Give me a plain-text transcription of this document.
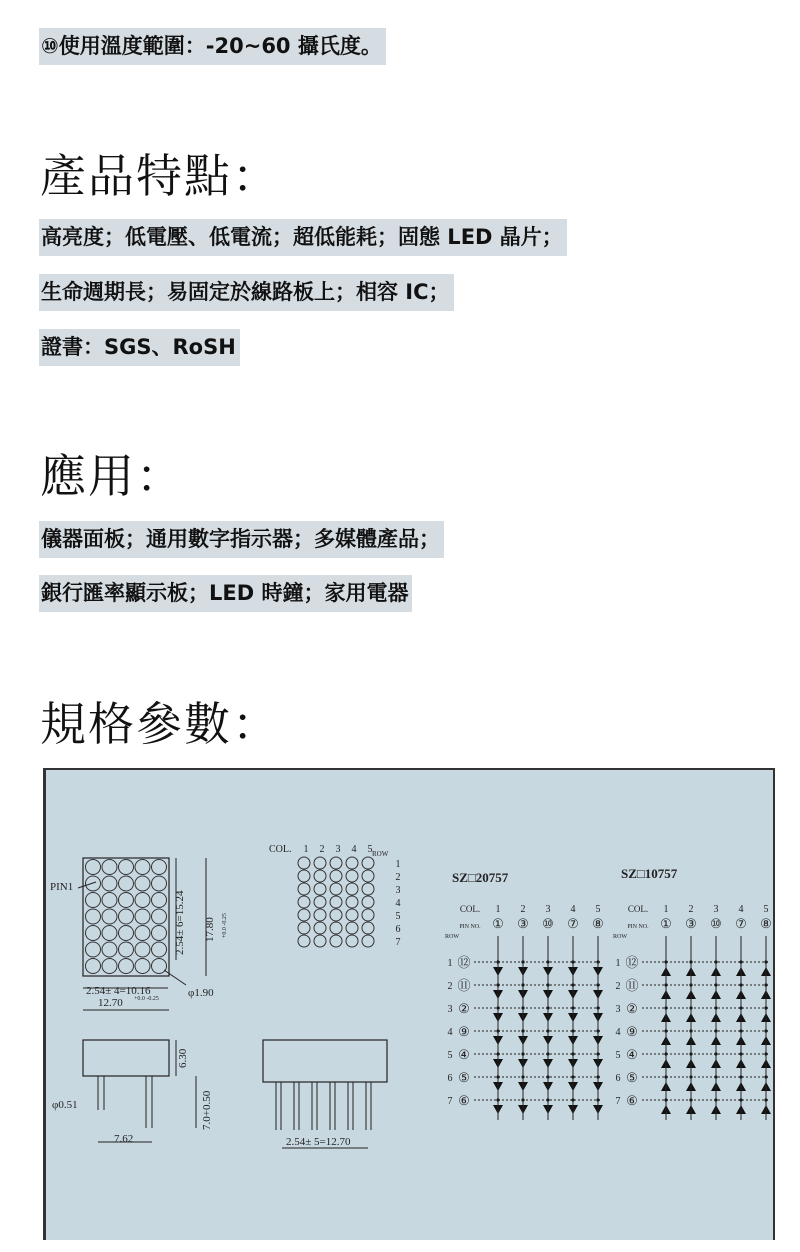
⑩使用溫度範圍：-20~60 攝氏度。
產品特點：
高亮度；低電壓、低電流；超低能耗；固態 LED 晶片；
生命週期長；易固定於線路板上；相容 IC；
證書：SGS、RoSH
應用：
儀器面板；通用數字指示器；多媒體產品；
銀行匯率顯示板；LED 時鐘；家用電器
規格參數：
PIN1
2.54± 6=15.24 17.80 +0.0 -0.25
2.54± 4=10.16
12.70 +0.0 -0.25	φ1.90
6.30
7.0+0.50
φ0.51
7.62
COL. 1 2 3 4 5 ROW
1
2
3
4
5
6
7
2.54± 5=12.70
SZ□20757	SZ□10757
COL. 1 2 3 4 5
ROW
PIN NO. ① ③ ⑩ ⑦ ⑧
1 ⑫
2 ⑪
3 ②
4 ⑨
5 ④
6 ⑤
7 ⑥
COL. 1 2 3 4 5
ROW
PIN NO. ① ③ ⑩ ⑦ ⑧
1 ⑫
2 ⑪
3 ②
4 ⑨
5 ④
6 ⑤
7 ⑥
